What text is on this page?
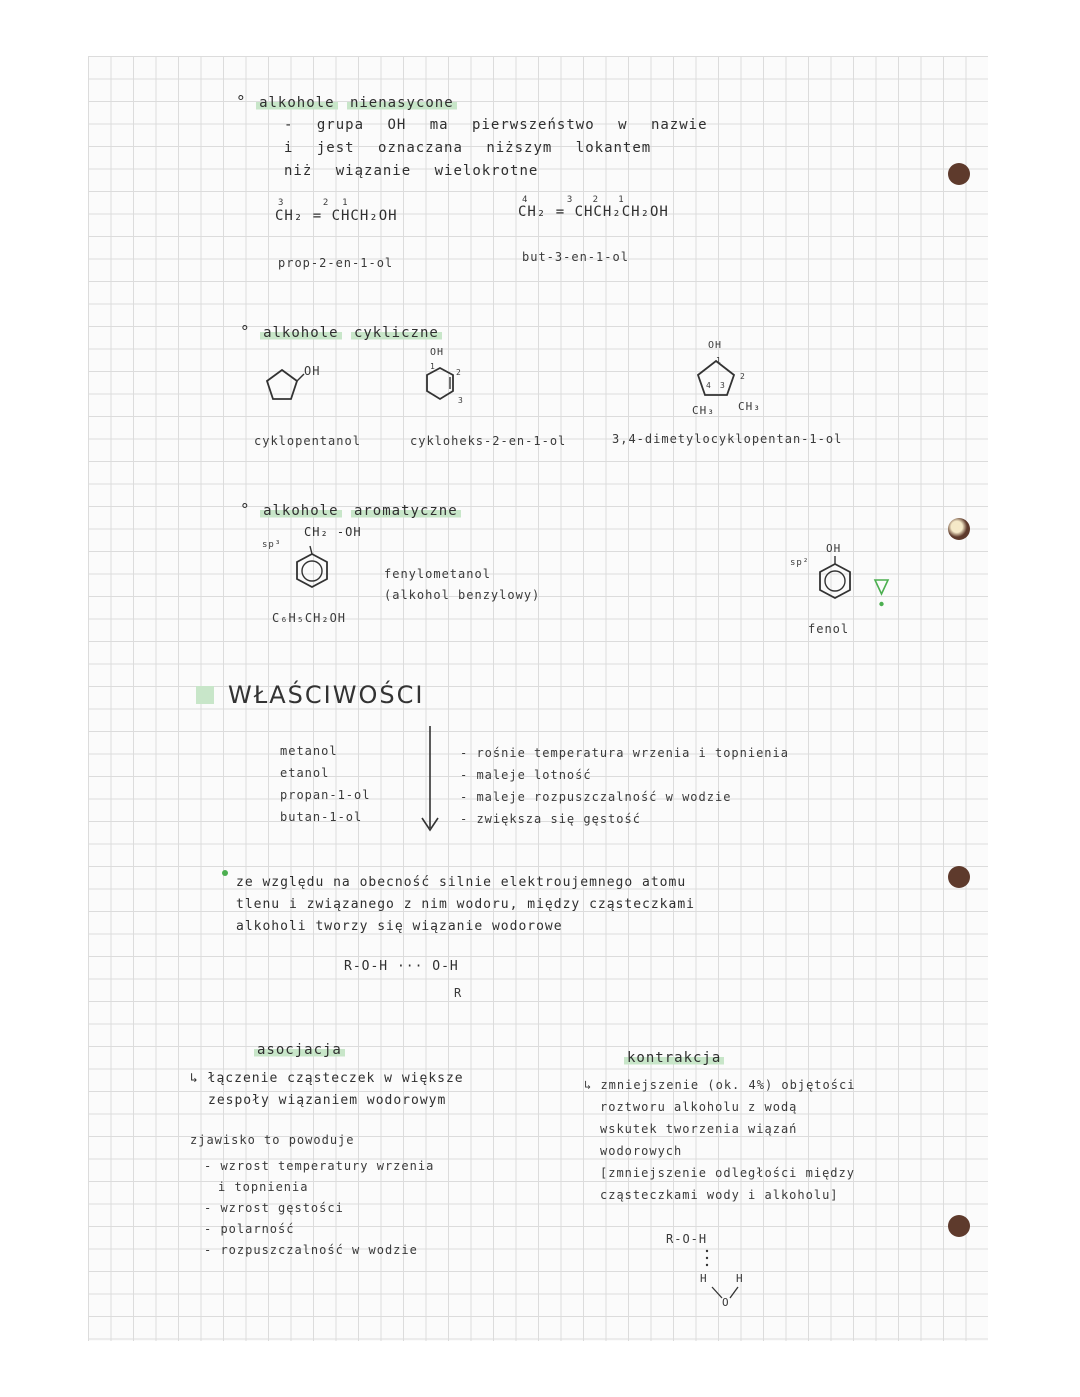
° alkohole nienasycone
- grupa OH ma pierwszeństwo w nazwie
i jest oznaczana niższym lokantem
niż wiązanie wielokrotne
3      2  1
CH₂ = CHCH₂OH
prop-2-en-1-ol
4      3   2   1
CH₂ = CHCH₂CH₂OH
but-3-en-1-ol
° alkohole cykliczne
OH
cyklopentanol
OH
1
2
3
cykloheks-2-en-1-ol
OH
4 3
2
1
CH₃ CH₃
3,4-dimetylocyklopentan-1-ol
° alkohole aromatyczne
sp³
CH₂ -OH
C₆H₅CH₂OH
fenylometanol
(alkohol benzylowy)
sp²
OH
fenol
WŁAŚCIWOŚCI
metanol
etanol
propan-1-ol
butan-1-ol
- rośnie temperatura wrzenia i topnienia
- maleje lotność
- maleje rozpuszczalność w wodzie
- zwiększa się gęstość
ze względu na obecność silnie elektroujemnego atomu
tlenu i związanego z nim wodoru, między cząsteczkami
alkoholi tworzy się wiązanie wodorowe
R-O-H ··· O-H
R
asocjacja
↳ łączenie cząsteczek w większe
zespoły wiązaniem wodorowym
zjawisko to powoduje
- wzrost temperatury wrzenia
i topnienia
- wzrost gęstości
- polarność
- rozpuszczalność w wodzie
kontrakcja
↳ zmniejszenie (ok. 4%) objętości
roztworu alkoholu z wodą
wskutek tworzenia wiązań
wodorowych
[zmniejszenie odległości między
cząsteczkami wody i alkoholu]
R-O-H
H	H
O
